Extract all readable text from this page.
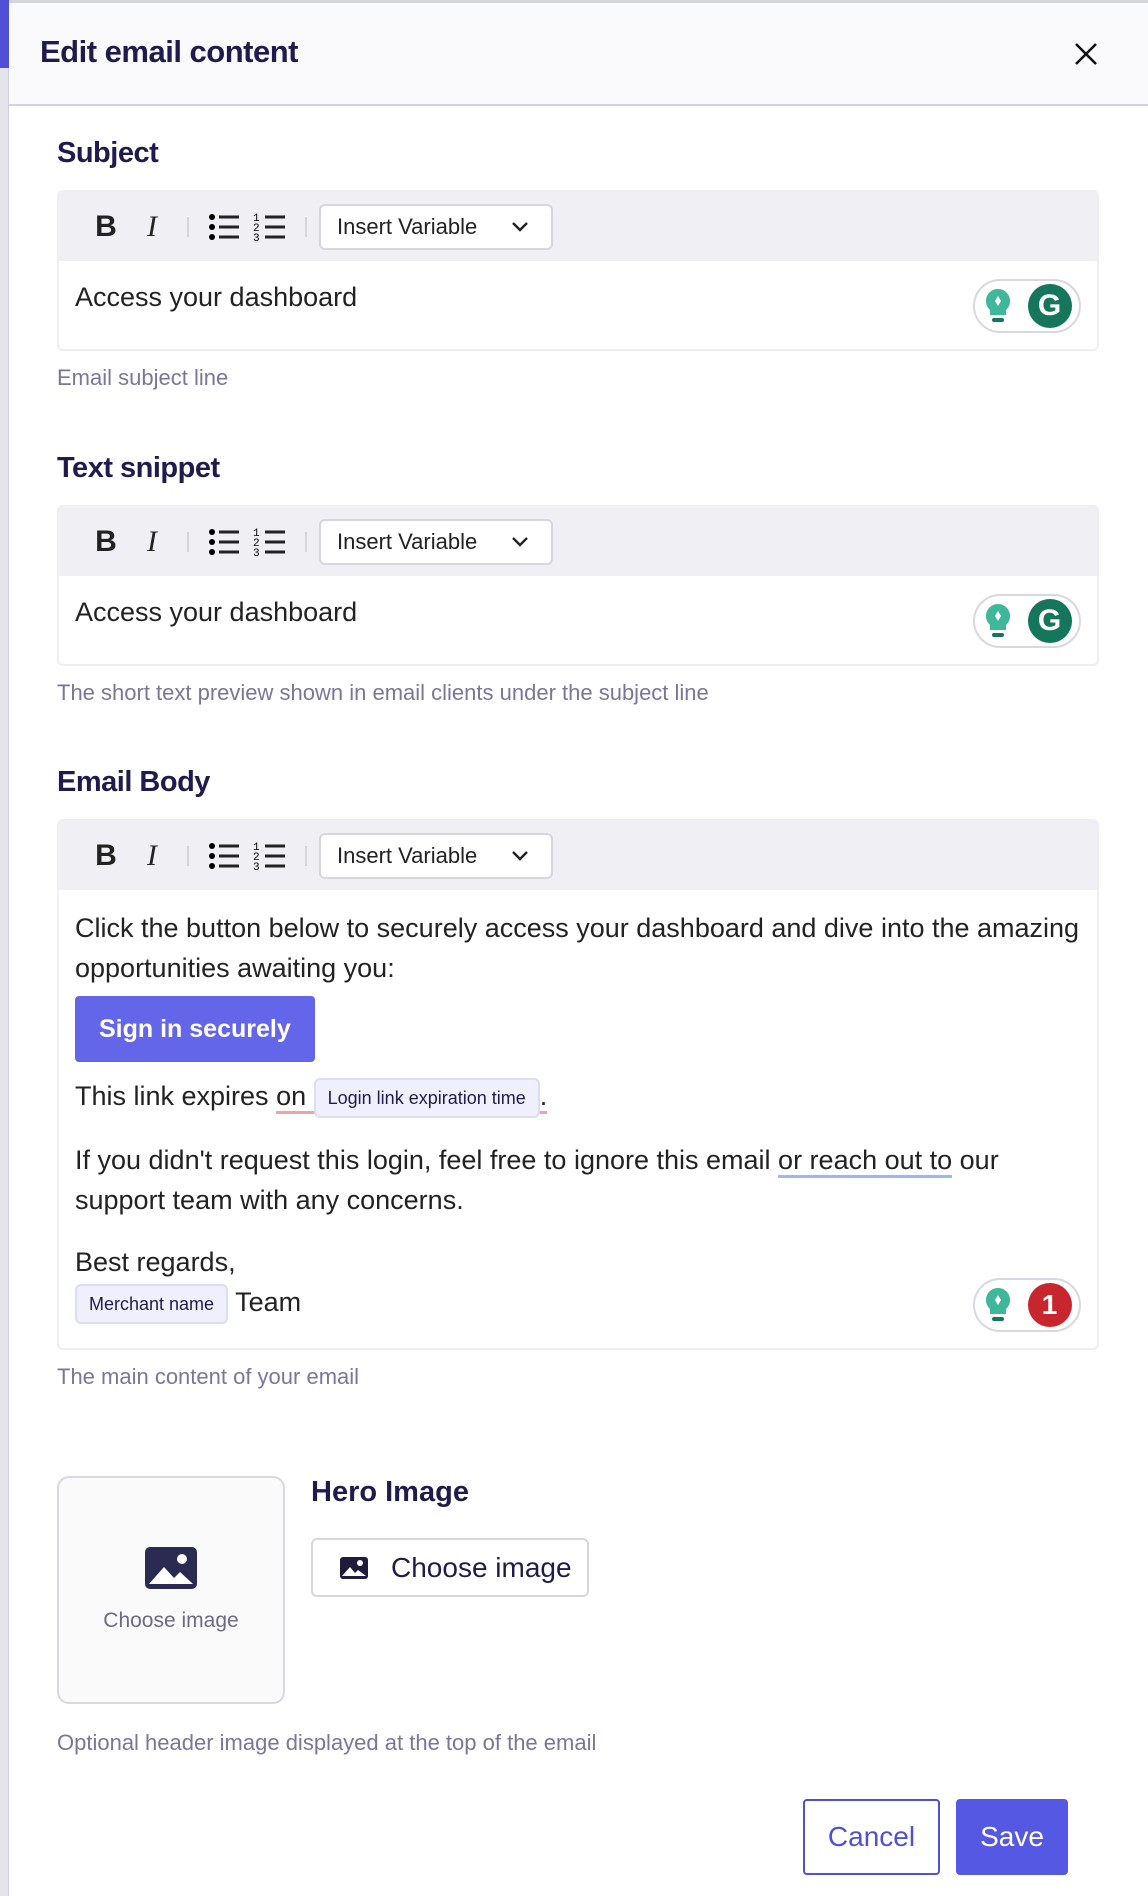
Edit email content
Subject
B	I	1
2
3	Insert Variable
Access your dashboard	G
Email subject line
Text snippet
B	I	1
2
3	Insert Variable
Access your dashboard	G
The short text preview shown in email clients under the subject line
Email Body
B	I	1
2
3	Insert Variable

Click the button below to securely access your dashboard and dive into the amazing opportunities awaiting you:

Sign in securely

This link expires on Login link expiration time .

If you didn't request this login, feel free to ignore this email or reach out to our support team with any concerns.

Best regards,

Merchant name Team	1
The main content of your email
Choose image
Hero Image
Choose image
Optional header image displayed at the top of the email
Cancel	Save
